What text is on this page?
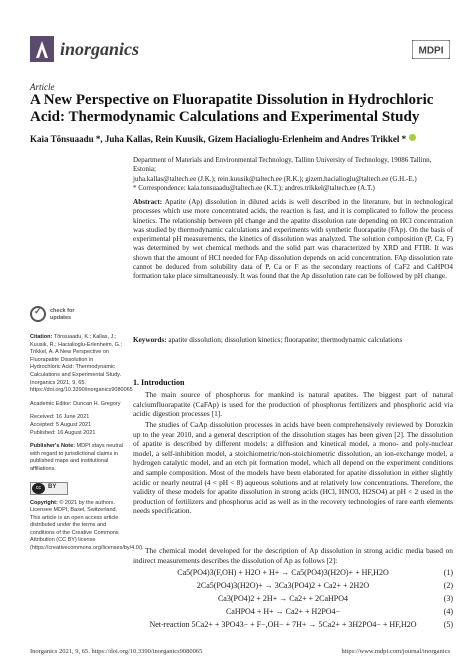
inorganics	MDPI
Article
A New Perspective on Fluorapatite Dissolution in Hydrochloric Acid: Thermodynamic Calculations and Experimental Study
Kaia Tõnsuaadu *, Juha Kallas, Rein Kuusik, Gizem Hacialioglu-Erlenheim and Andres Trikkel *
Department of Materials and Environmental Technology, Tallinn University of Technology, 19086 Tallinn, Estonia;
juha.kallas@taltech.ee (J.K.); rein.kuusik@taltech.ee (R.K.); gizem.hacialioglu@taltech.ee (G.H.-E.)
* Correspondence: kaia.tonsuaadu@taltech.ee (K.T.); andres.trikkel@taltech.ee (A.T.)
Abstract: Apatite (Ap) dissolution in diluted acids is well described in the literature, but in technological processes which use more concentrated acids, the reaction is fast, and it is complicated to follow the process kinetics. The relationship between pH change and the apatite dissolution rate depending on HCl concentration was studied by thermodynamic calculations and experiments with synthetic fluorapatite (FAp). On the basis of experimental pH measurements, the kinetics of dissolution was analyzed. The solution composition (P, Ca, F) was determined by wet chemical methods and the solid part was characterized by XRD and FTIR. It was shown that the amount of HCl needed for FAp dissolution depends on acid concentration. FAp dissolution rate cannot be deduced from solubility data of P, Ca or F as the secondary reactions of CaF2 and CaHPO4 formation take place simultaneously. It was found that the Ap dissolution rate can be followed by pH change.
Keywords: apatite dissolution; dissolution kinetics; fluorapatite; thermodynamic calculations
✓ check for
updates
Citation: Tõnsuaadu, K.; Kallas, J.; Kuusik, R.; Hacialioglu-Erlenheim, G.; Trikkel, A. A New Perspective on Fluorapatite Dissolution in Hydrochloric Acid: Thermodynamic Calculations and Experimental Study. Inorganics 2021, 9, 65. https://doi.org/10.3390/inorganics9080065
Academic Editor: Duncan H. Gregory
Received: 16 June 2021
Accepted: 5 August 2021
Published: 16 August 2021
Publisher's Note: MDPI stays neutral with regard to jurisdictional claims in published maps and institutional affiliations.
cc	BY
Copyright: © 2021 by the authors. Licensee MDPI, Basel, Switzerland. This article is an open access article distributed under the terms and conditions of the Creative Commons Attribution (CC BY) license (https://creativecommons.org/licenses/by/4.0/).
1. Introduction
The main source of phosphorus for mankind is natural apatites. The biggest part of natural calciumfluorapatite (CaFAp) is used for the production of phosphorus fertilizers and phosphoric acid via acidic digestion processes [1].
The studies of CaAp dissolution processes in acids have been comprehensively reviewed by Dorozkin up to the year 2010, and a general description of the dissolution stages has been given [2]. The dissolution of apatite is described by different models: a diffusion and kinetical model, a mono- and poly-nuclear model, a self-inhibition model, a stoichiometric/non-stoichiometric dissolution, an ion-exchange model, a hydrogen catalytic model, and an etch pit formation model, which all depend on the experiment conditions and sample composition. Most of the models have been elaborated for apatite dissolution in either slightly acidic or nearly neutral (4 < pH < 8) aqueous solutions and at relatively low concentrations. Therefore, the validity of these models for apatite dissolution in strong acids (HCl, HNO3, H2SO4) at pH < 2 used in the production of fertilizers and phosphorus acid as well as in the recovery technologies of rare earth elements needs specification.
The chemical model developed for the description of Ap dissolution in strong acidic media based on indirect measurements describes the dissolution of Ap as follows [2]:
Ca5(PO4)3(F,OH) + H2O + H+ → Ca5(PO4)3(H2O)+ + HF,H2O	(1)
2Ca5(PO4)3(H2O)+ → 3Ca3(PO4)2 + Ca2+ + 2H2O	(2)
Ca3(PO4)2 + 2H+ → Ca2+ + 2CaHPO4	(3)
CaHPO4 + H+ → Ca2+ + H2PO4−	(4)
Net-reaction 5Ca2+ + 3PO43− + F−,OH− + 7H+ → 5Ca2+ + 3H2PO4− + HF,H2O	(5)
Inorganics 2021, 9, 65. https://doi.org/10.3390/inorganics9080065	https://www.mdpi.com/journal/inorganics
